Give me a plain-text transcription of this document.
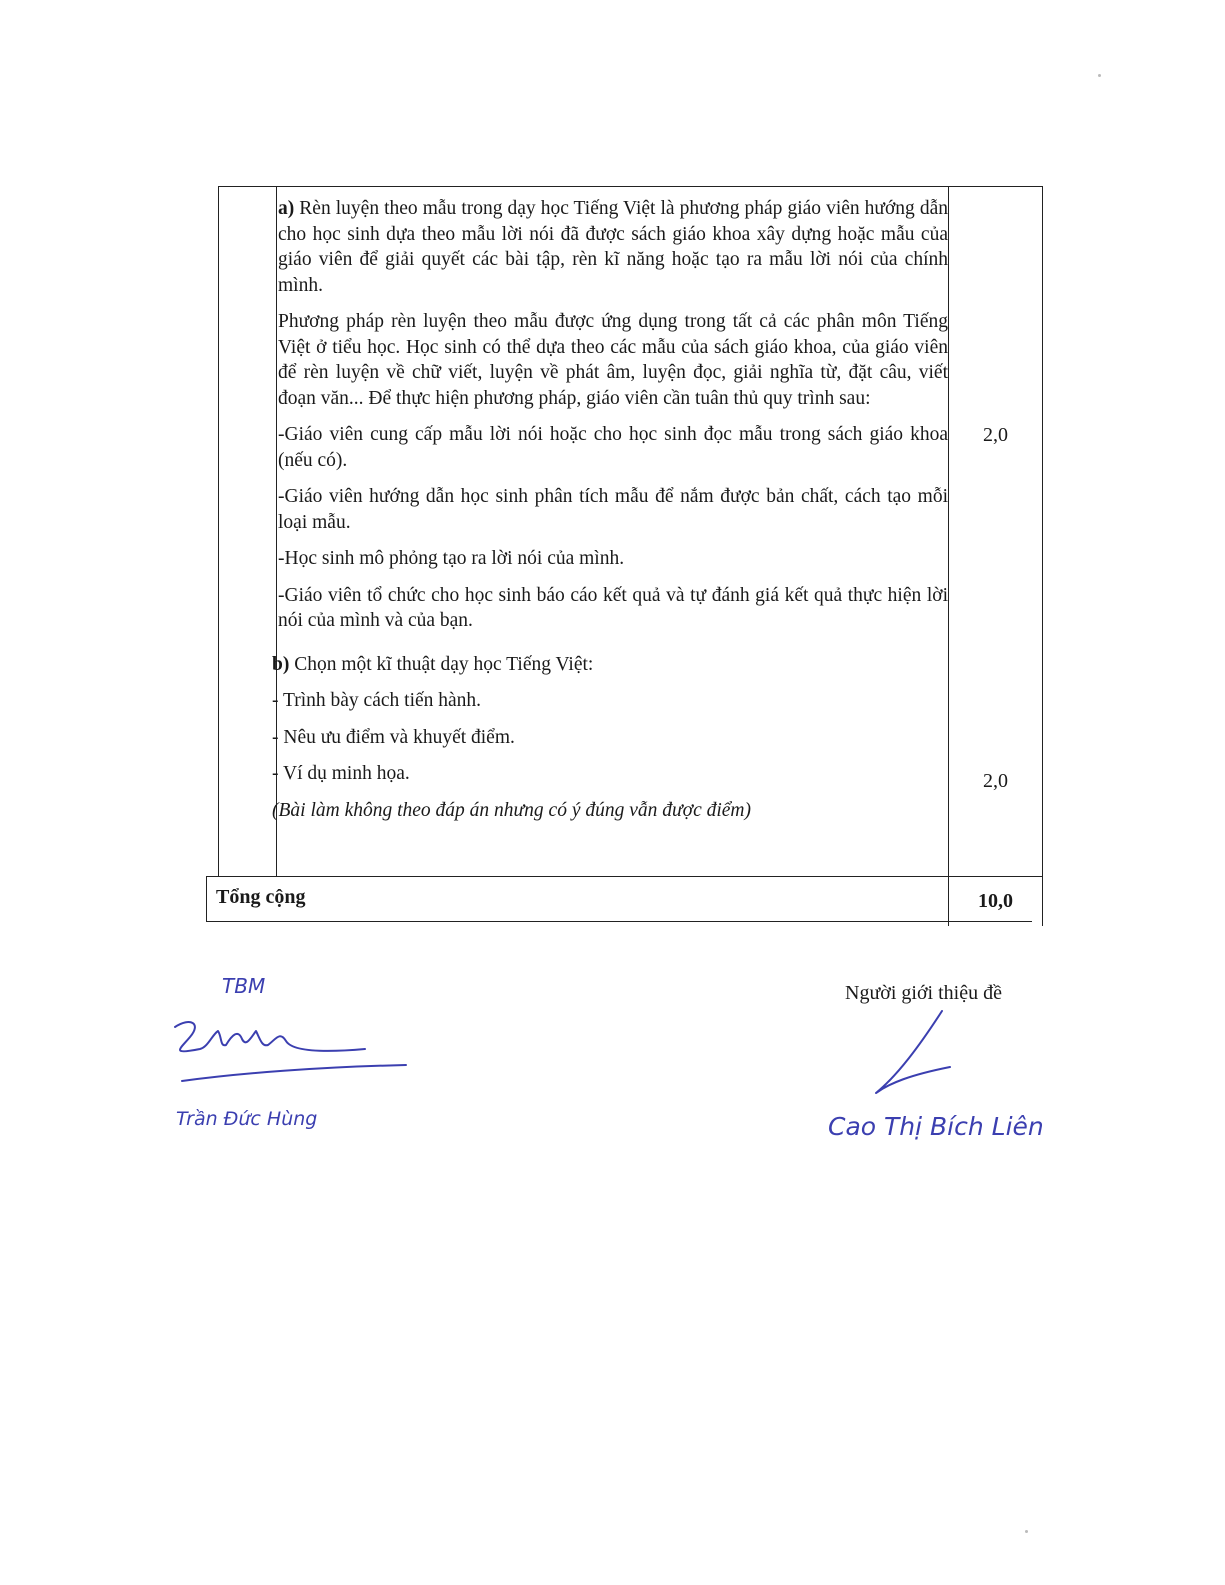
a) Rèn luyện theo mẫu trong dạy học Tiếng Việt là phương pháp giáo viên hướng dẫn cho học sinh dựa theo mẫu lời nói đã được sách giáo khoa xây dựng hoặc mẫu của giáo viên để giải quyết các bài tập, rèn kĩ năng hoặc tạo ra mẫu lời nói của chính mình.

Phương pháp rèn luyện theo mẫu được ứng dụng trong tất cả các phân môn Tiếng Việt ở tiểu học. Học sinh có thể dựa theo các mẫu của sách giáo khoa, của giáo viên để rèn luyện về chữ viết, luyện về phát âm, luyện đọc, giải nghĩa từ, đặt câu, viết đoạn văn... Để thực hiện phương pháp, giáo viên cần tuân thủ quy trình sau:

-Giáo viên cung cấp mẫu lời nói hoặc cho học sinh đọc mẫu trong sách giáo khoa (nếu có).

-Giáo viên hướng dẫn học sinh phân tích mẫu để nắm được bản chất, cách tạo mỗi loại mẫu.

-Học sinh mô phỏng tạo ra lời nói của mình.

-Giáo viên tổ chức cho học sinh báo cáo kết quả và tự đánh giá kết quả thực hiện lời nói của mình và của bạn.

b) Chọn một kĩ thuật dạy học Tiếng Việt:

- Trình bày cách tiến hành.

- Nêu ưu điểm và khuyết điểm.

- Ví dụ minh họa.

(Bài làm không theo đáp án nhưng có ý đúng vẫn được điểm)

2,0
2,0
Tổng cộng	10,0
TBM
Trần Đức Hùng
Người giới thiệu đề
Cao Thị Bích Liên
